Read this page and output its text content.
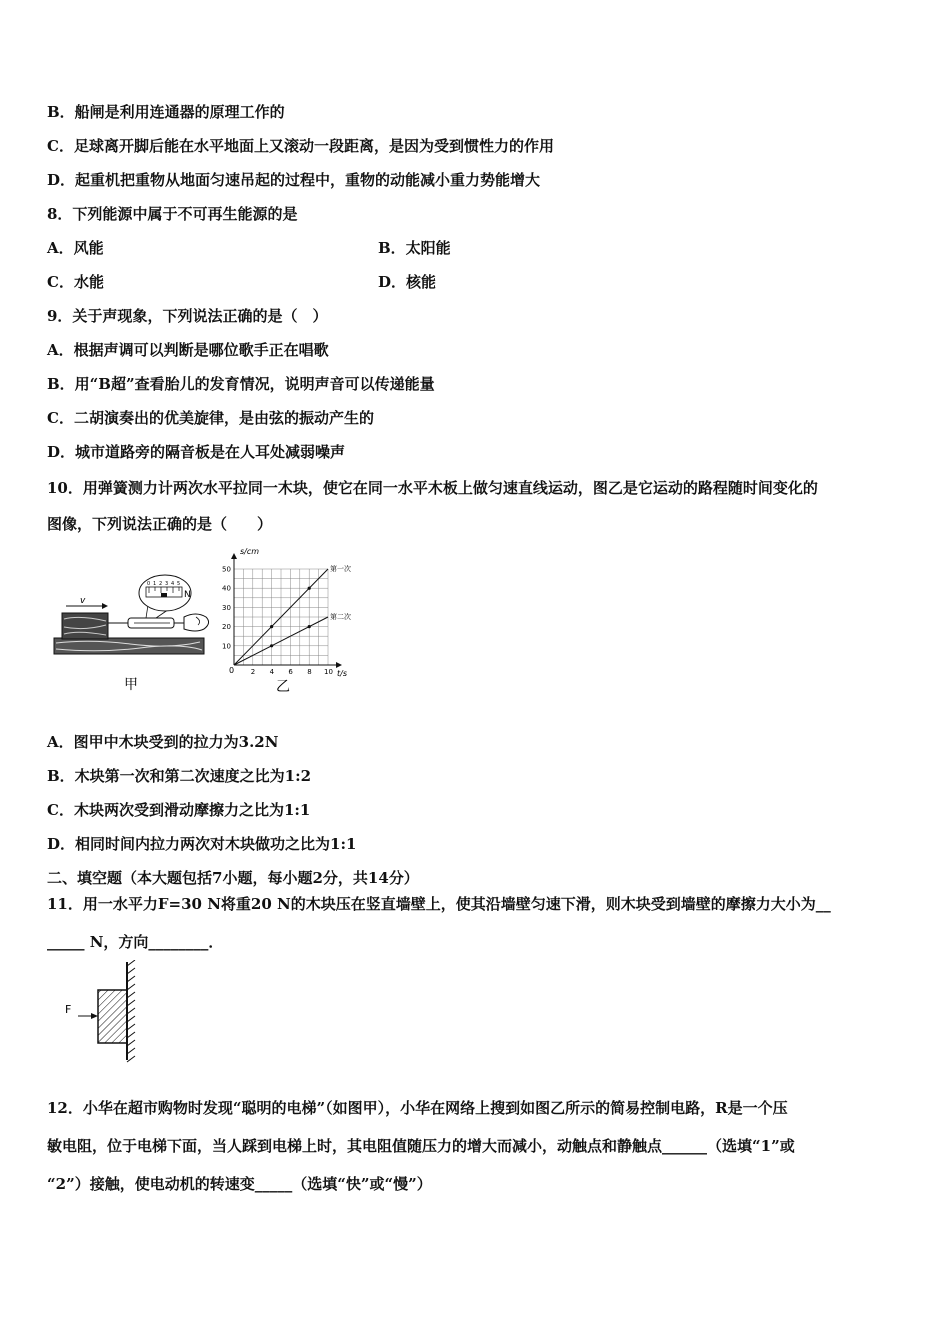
B．船闸是利用连通器的原理工作的
C．足球离开脚后能在水平地面上又滚动一段距离，是因为受到惯性力的作用
D．起重机把重物从地面匀速吊起的过程中，重物的动能减小重力势能增大
8．下列能源中属于不可再生能源的是
A．风能	B．太阳能
C．水能	D．核能
9．关于声现象，下列说法正确的是（　）
A．根据声调可以判断是哪位歌手正在唱歌
B．用“B超”查看胎儿的发育情况，说明声音可以传递能量
C．二胡演奏出的优美旋律，是由弦的振动产生的
D．城市道路旁的隔音板是在人耳处减弱噪声
10．用弹簧测力计两次水平拉同一木块，使它在同一水平木板上做匀速直线运动，图乙是它运动的路程随时间变化的
图像，下列说法正确的是（　　）
v
0 1 2 3 4 5
N
甲
2 4 6 8 10
10
20
30
40
50	第一次
第二次
s/cm
t/s
0
乙
A．图甲中木块受到的拉力为3.2N
B．木块第一次和第二次速度之比为1:2
C．木块两次受到滑动摩擦力之比为1:1
D．相同时间内拉力两次对木块做功之比为1:1
二、填空题（本大题包括7小题，每小题2分，共14分）
11．用一水平力F=30 N将重20 N的木块压在竖直墙壁上，使其沿墙壁匀速下滑，则木块受到墙壁的摩擦力大小为__
_____ N，方向________．
F
12．小华在超市购物时发现“聪明的电梯”（如图甲），小华在网络上搜到如图乙所示的简易控制电路，R是一个压
敏电阻，位于电梯下面，当人踩到电梯上时，其电阻值随压力的增大而减小，动触点和静触点______（选填“1”或
“2”）接触，使电动机的转速变_____（选填“快”或“慢”）
